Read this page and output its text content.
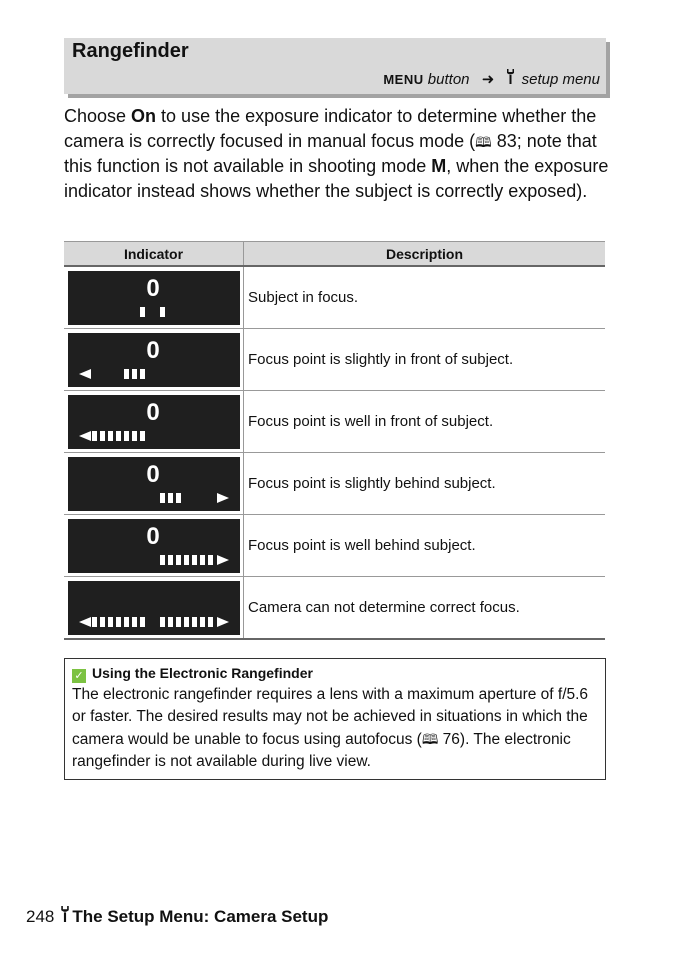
Rangefinder
MENU button ➜ setup menu
Choose On to use the exposure indicator to determine whether the camera is correctly focused in manual focus mode (🕮 83; note that this function is not available in shooting mode M, when the exposure indicator instead shows whether the subject is correctly exposed).
Indicator	Description

0	Subject in focus.

0	Focus point is slightly in front of subject.

0	Focus point is well in front of subject.

0	Focus point is slightly behind subject.

0	Focus point is well behind subject.

	Camera can not determine correct focus.
✓ Using the Electronic Rangefinder
The electronic rangefinder requires a lens with a maximum aperture of f/5.6 or faster. The desired results may not be achieved in situations in which the camera would be unable to focus using autofocus (🕮 76). The electronic rangefinder is not available during live view.
248 The Setup Menu: Camera Setup
